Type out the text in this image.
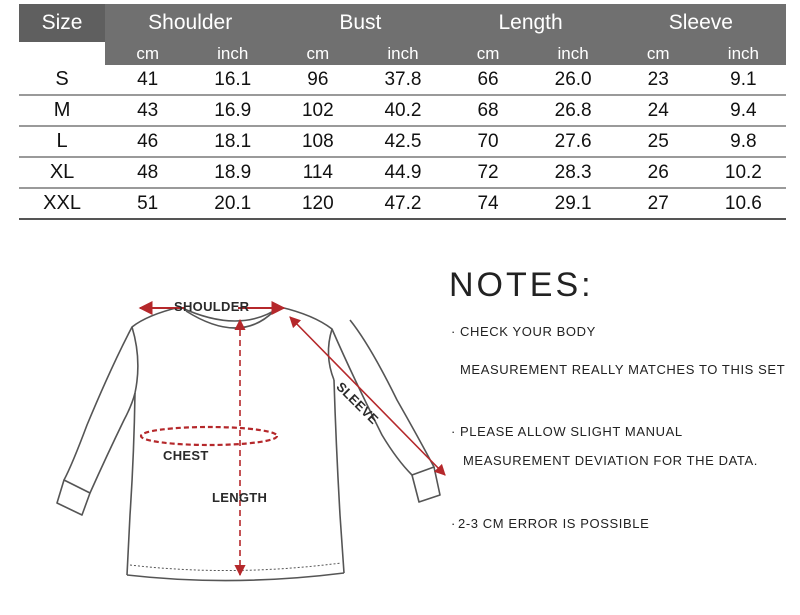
Size	Shoulder		Bust		Length		Sleeve	
	cm	inch	cm	inch	cm	inch	cm	inch
S	41	16.1	96	37.8	66	26.0	23	9.1
M	43	16.9	102	40.2	68	26.8	24	9.4
L	46	18.1	108	42.5	70	27.6	25	9.8
XL	48	18.9	114	44.9	72	28.3	26	10.2
XXL	51	20.1	120	47.2	74	29.1	27	10.6
SHOULDER
SLEEVE
CHEST
LENGTH
NOTES:
· CHECK YOUR BODY
MEASUREMENT REALLY MATCHES TO THIS SET
· PLEASE ALLOW SLIGHT MANUAL
MEASUREMENT DEVIATION FOR THE DATA.
· 2-3 CM ERROR IS POSSIBLE
